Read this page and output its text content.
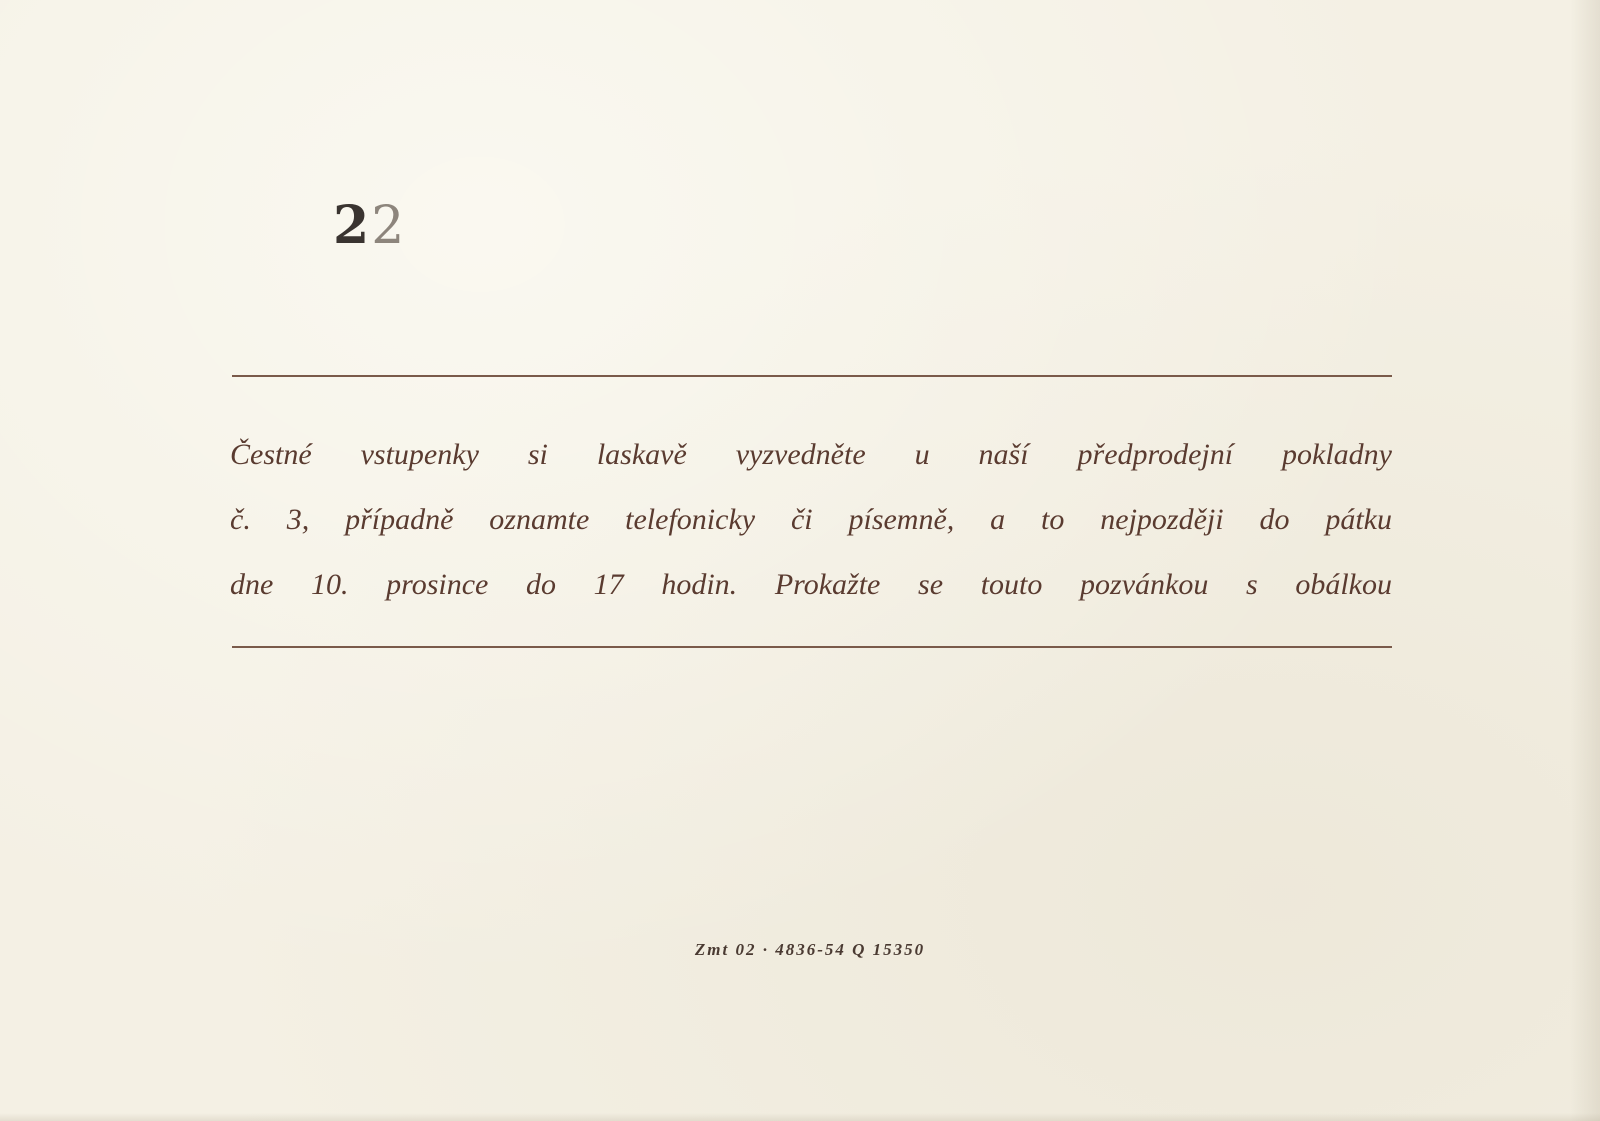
22
Čestné vstupenky si laskavě vyzvedněte u naší předprodejní pokladny
č. 3, případně oznamte telefonicky či písemně, a to nejpozději do pátku
dne 10. prosince do 17 hodin. Prokažte se touto pozvánkou s obálkou
Zmt 02 · 4836-54 Q 15350
